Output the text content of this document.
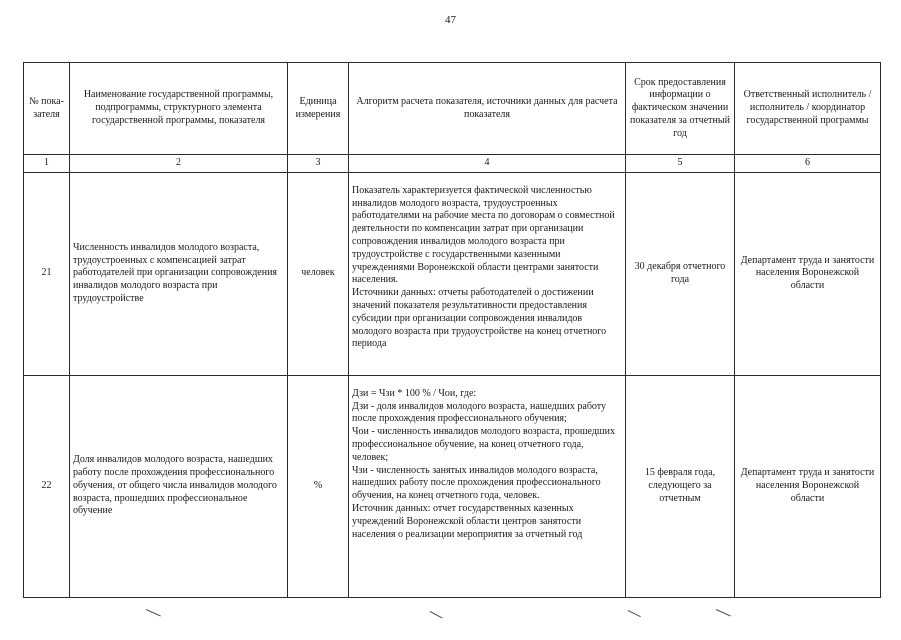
47
№ пока-
зателя	Наименование государственной программы, подпрограммы, структурного элемента государственной программы, показателя	Единица измерения	Алгоритм расчета показателя, источники данных для расчета показателя	Срок предоставления информации о фактическом значении показателя за отчетный год	Ответственный исполнитель / исполнитель / координатор государственной программы
1	2	3	4	5	6
21	Численность инвалидов молодого возраста, трудоустроенных с компенсацией затрат работодателей при организации сопровождения инвалидов молодого возраста при трудоустройстве	человек	Показатель характеризуется фактической численностью инвалидов молодого возраста, трудоустроенных работодателями на рабочие места по договорам о совместной деятельности по компенсации затрат при организации сопровождения инвалидов молодого возраста при трудоустройстве с государственными казенными учреждениями Воронежской области центрами занятости населения.
Источники данных: отчеты работодателей о достижении значений показателя результативности предоставления субсидии при организации сопровождения инвалидов молодого возраста при трудоустройстве на конец отчетного периода	30 декабря отчетного года	Департамент труда и занятости населения Воронежской области
22	Доля инвалидов молодого возраста, нашедших работу после прохождения профессионального обучения, от общего числа инвалидов молодого возраста, прошедших профессиональное обучение	%	Дзи = Чзи * 100 % / Чои, где:
Дзи - доля инвалидов молодого возраста, нашедших работу после прохождения профессионального обучения;
Чои - численность инвалидов молодого возраста, прошедших профессиональное обучение, на конец отчетного года, человек;
Чзи - численность занятых инвалидов молодого возраста, нашедших работу после прохождения профессионального обучения, на конец отчетного года, человек.
Источник данных: отчет государственных казенных учреждений Воронежской области центров занятости населения о реализации мероприятия за отчетный год	15 февраля года, следующего за отчетным	Департамент труда и занятости населения Воронежской области
